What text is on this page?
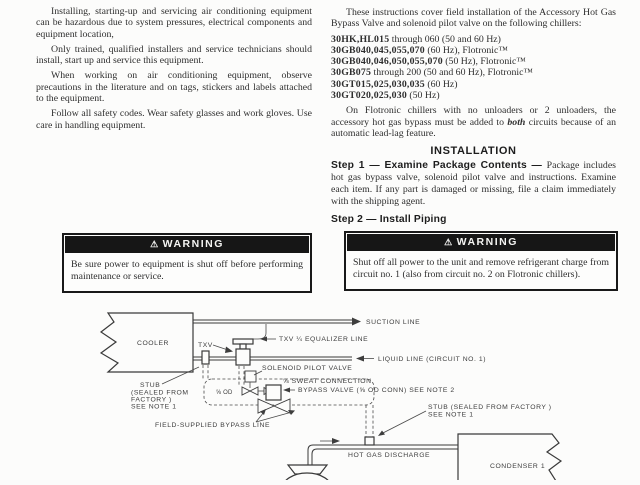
Installing, starting-up and servicing air conditioning equipment can be hazardous due to system pressures, electrical components and equipment location,

Only trained, qualified installers and service technicians should install, start up and service this equipment.

When working on air conditioning equipment, observe precautions in the literature and on tags, stickers and labels attached to the equipment.

Follow all safety codes. Wear safety glasses and work gloves. Use care in handling equipment.

These instructions cover field installation of the Accessory Hot Gas Bypass Valve and solenoid pilot valve on the following chillers:

30HK,HL015 through 060 (50 and 60 Hz)
30GB040,045,055,070 (60 Hz), Flotronic™
30GB040,046,050,055,070 (50 Hz), Flotronic™
30GB075 through 200 (50 and 60 Hz), Flotronic™
30GT015,025,030,035 (60 Hz)
30GT020,025,030 (50 Hz)

On Flotronic chillers with no unloaders or 2 unloaders, the accessory hot gas bypass must be added to both circuits because of an automatic lead-lag feature.

INSTALLATION

Step 1 — Examine Package Contents — Package includes hot gas bypass valve, solenoid pilot valve and instructions. Examine each item. If any part is damaged or missing, file a claim immediately with the shipping agent.

Step 2 — Install Piping

⚠ WARNING
Be sure power to equipment is shut off before performing maintenance or service.
⚠ WARNING
Shut off all power to the unit and remove refrigerant charge from circuit no. 1 (also from circuit no. 2 on Flotronic chillers).
COOLER
SUCTION LINE
TXV ¼ EQUALIZER LINE
LIQUID LINE (CIRCUIT NO. 1)
TXV
SOLENOID PILOT VALVE
⅝ OD
⅝ SWEAT CONNECTION
BYPASS VALVE (⅝ OD CONN) SEE NOTE 2
STUB
(SEALED FROM
FACTORY )
SEE NOTE 1
FIELD-SUPPLIED BYPASS LINE
STUB (SEALED FROM FACTORY )
SEE NOTE 1
HOT GAS DISCHARGE
CONDENSER 1
